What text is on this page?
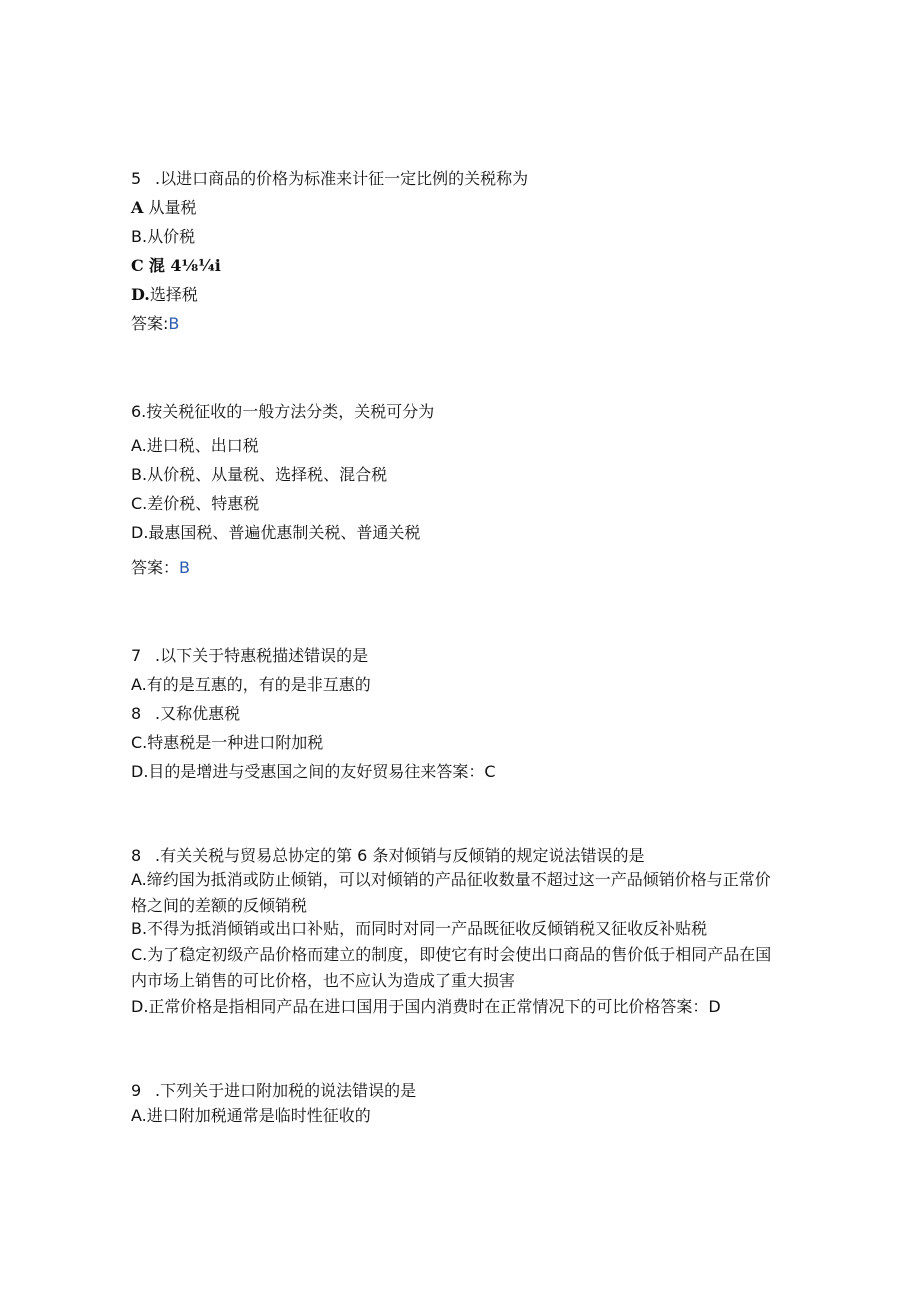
5 .以进口商品的价格为标准来计征一定比例的关税称为
A 从量税
B.从价税
C 混 4⅛¼i
D.选择税
答案:B
6.按关税征收的一般方法分类，关税可分为
A.进口税、出口税
B.从价税、从量税、选择税、混合税
C.差价税、特惠税
D.最惠国税、普遍优惠制关税、普通关税
答案：B
7 .以下关于特惠税描述错误的是
A.有的是互惠的，有的是非互惠的
8 .又称优惠税
C.特惠税是一种进口附加税
D.目的是增进与受惠国之间的友好贸易往来答案：C
8 .有关关税与贸易总协定的第 6 条对倾销与反倾销的规定说法错误的是
A.缔约国为抵消或防止倾销，可以对倾销的产品征收数量不超过这一产品倾销价格与正常价格之间的差额的反倾销税
B.不得为抵消倾销或出口补贴，而同时对同一产品既征收反倾销税又征收反补贴税
C.为了稳定初级产品价格而建立的制度，即使它有时会使出口商品的售价低于相同产品在国内市场上销售的可比价格，也不应认为造成了重大损害
D.正常价格是指相同产品在进口国用于国内消费时在正常情况下的可比价格答案：D
9 .下列关于进口附加税的说法错误的是
A.进口附加税通常是临时性征收的
